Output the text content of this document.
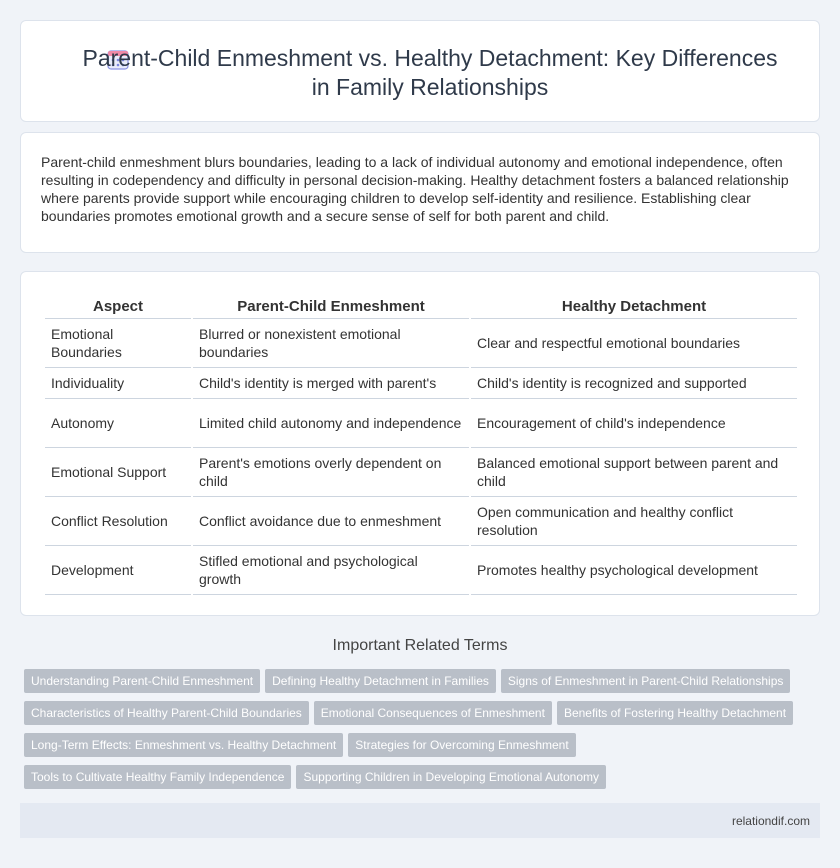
Parent-Child Enmeshment vs. Healthy Detachment: Key Differences in Family Relationships

Parent-child enmeshment blurs boundaries, leading to a lack of individual autonomy and emotional independence, often resulting in codependency and difficulty in personal decision-making. Healthy detachment fosters a balanced relationship where parents provide support while encouraging children to develop self-identity and resilience. Establishing clear boundaries promotes emotional growth and a secure sense of self for both parent and child.

Aspect	Parent-Child Enmeshment	Healthy Detachment
Emotional Boundaries	Blurred or nonexistent emotional boundaries	Clear and respectful emotional boundaries
Individuality	Child's identity is merged with parent's	Child's identity is recognized and supported
Autonomy	Limited child autonomy and independence	Encouragement of child's independence
Emotional Support	Parent's emotions overly dependent on child	Balanced emotional support between parent and child
Conflict Resolution	Conflict avoidance due to enmeshment	Open communication and healthy conflict resolution
Development	Stifled emotional and psychological growth	Promotes healthy psychological development
Important Related Terms
Understanding Parent-Child Enmeshment Defining Healthy Detachment in Families Signs of Enmeshment in Parent-Child Relationships
Characteristics of Healthy Parent-Child Boundaries Emotional Consequences of Enmeshment Benefits of Fostering Healthy Detachment
Long-Term Effects: Enmeshment vs. Healthy Detachment Strategies for Overcoming Enmeshment
Tools to Cultivate Healthy Family Independence Supporting Children in Developing Emotional Autonomy
relationdif.com
